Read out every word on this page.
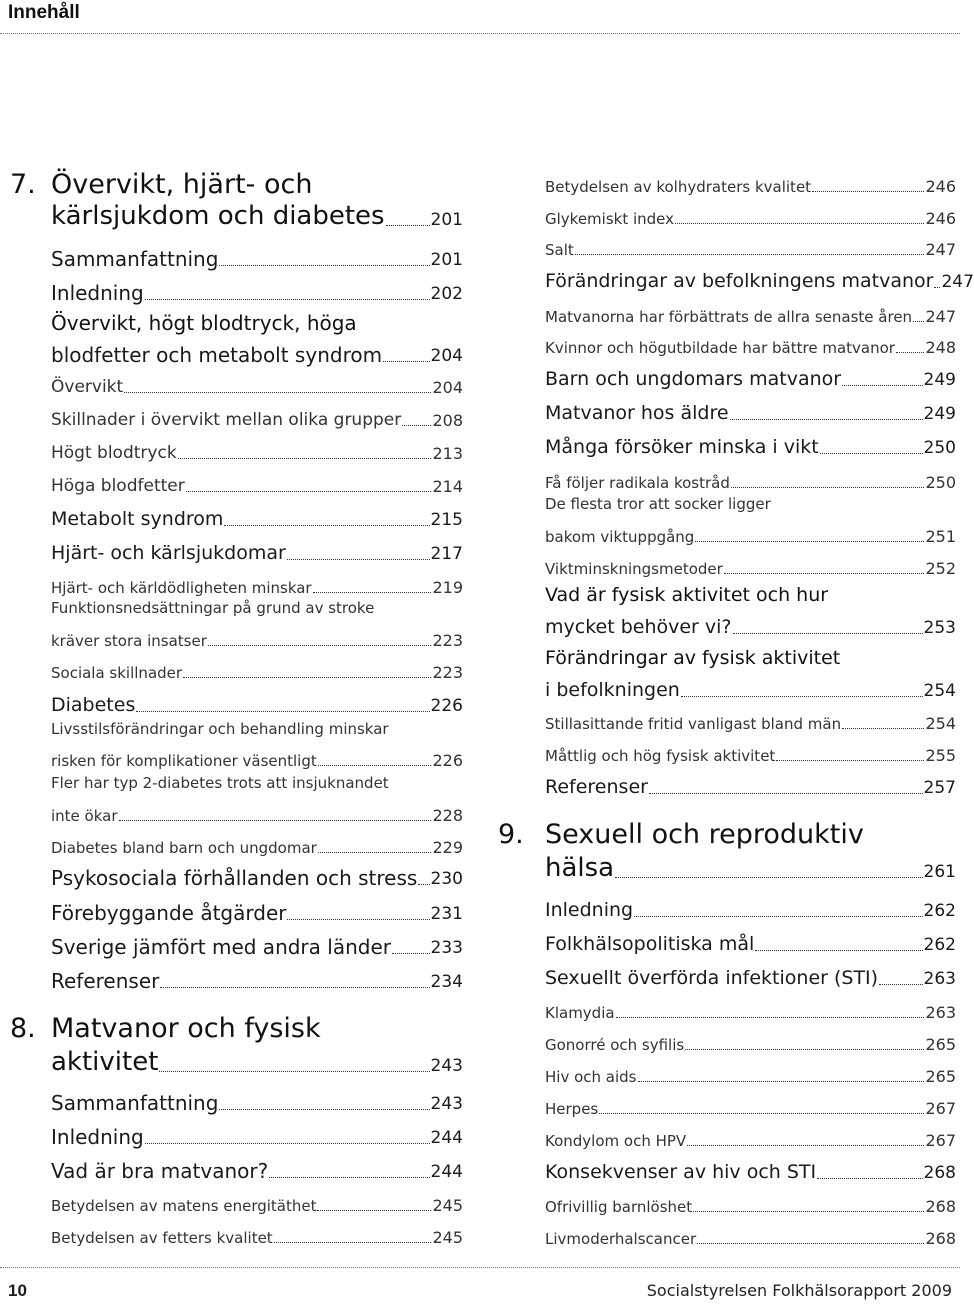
Innehåll
7. Övervikt, hjärt- och
kärlsjukdom och diabetes	201
Sammanfattning	201
Inledning	202
Övervikt, högt blodtryck, höga
blodfetter och metabolt syndrom	204
Övervikt	204
Skillnader i övervikt mellan olika grupper 208
Högt blodtryck	213
Höga blodfetter	214
Metabolt syndrom	215
Hjärt- och kärlsjukdomar	217
Hjärt- och kärldödligheten minskar	219
Funktionsnedsättningar på grund av stroke
kräver stora insatser	223
Sociala skillnader	223
Diabetes	226
Livsstilsförändringar och behandling minskar
risken för komplikationer väsentligt	226
Fler har typ 2-diabetes trots att insjuknandet
inte ökar	228
Diabetes bland barn och ungdomar	229
Psykosociala förhållanden och stress 230
Förebyggande åtgärder	231
Sverige jämfört med andra länder 233
Referenser	234
8. Matvanor och fysisk
aktivitet	243
Sammanfattning	243
Inledning	244
Vad är bra matvanor?	244
Betydelsen av matens energitäthet	245
Betydelsen av fetters kvalitet	245
Betydelsen av kolhydraters kvalitet	246
Glykemiskt index	246
Salt	247
Förändringar av befolkningens matvanor 247
Matvanorna har förbättrats de allra senaste åren 247
Kvinnor och högutbildade har bättre matvanor 248
Barn och ungdomars matvanor	249
Matvanor hos äldre	249
Många försöker minska i vikt	250
Få följer radikala kostråd	250
De flesta tror att socker ligger
bakom viktuppgång	251
Viktminskningsmetoder	252
Vad är fysisk aktivitet och hur
mycket behöver vi?	253
Förändringar av fysisk aktivitet
i befolkningen	254
Stillasittande fritid vanligast bland män	254
Måttlig och hög fysisk aktivitet	255
Referenser	257
9. Sexuell och reproduktiv
hälsa	261
Inledning	262
Folkhälsopolitiska mål	262
Sexuellt överförda infektioner (STI)	263
Klamydia	263
Gonorré och syfilis	265
Hiv och aids	265
Herpes	267
Kondylom och HPV	267
Konsekvenser av hiv och STI	268
Ofrivillig barnlöshet	268
Livmoderhalscancer	268
10	Socialstyrelsen Folkhälsorapport 2009
